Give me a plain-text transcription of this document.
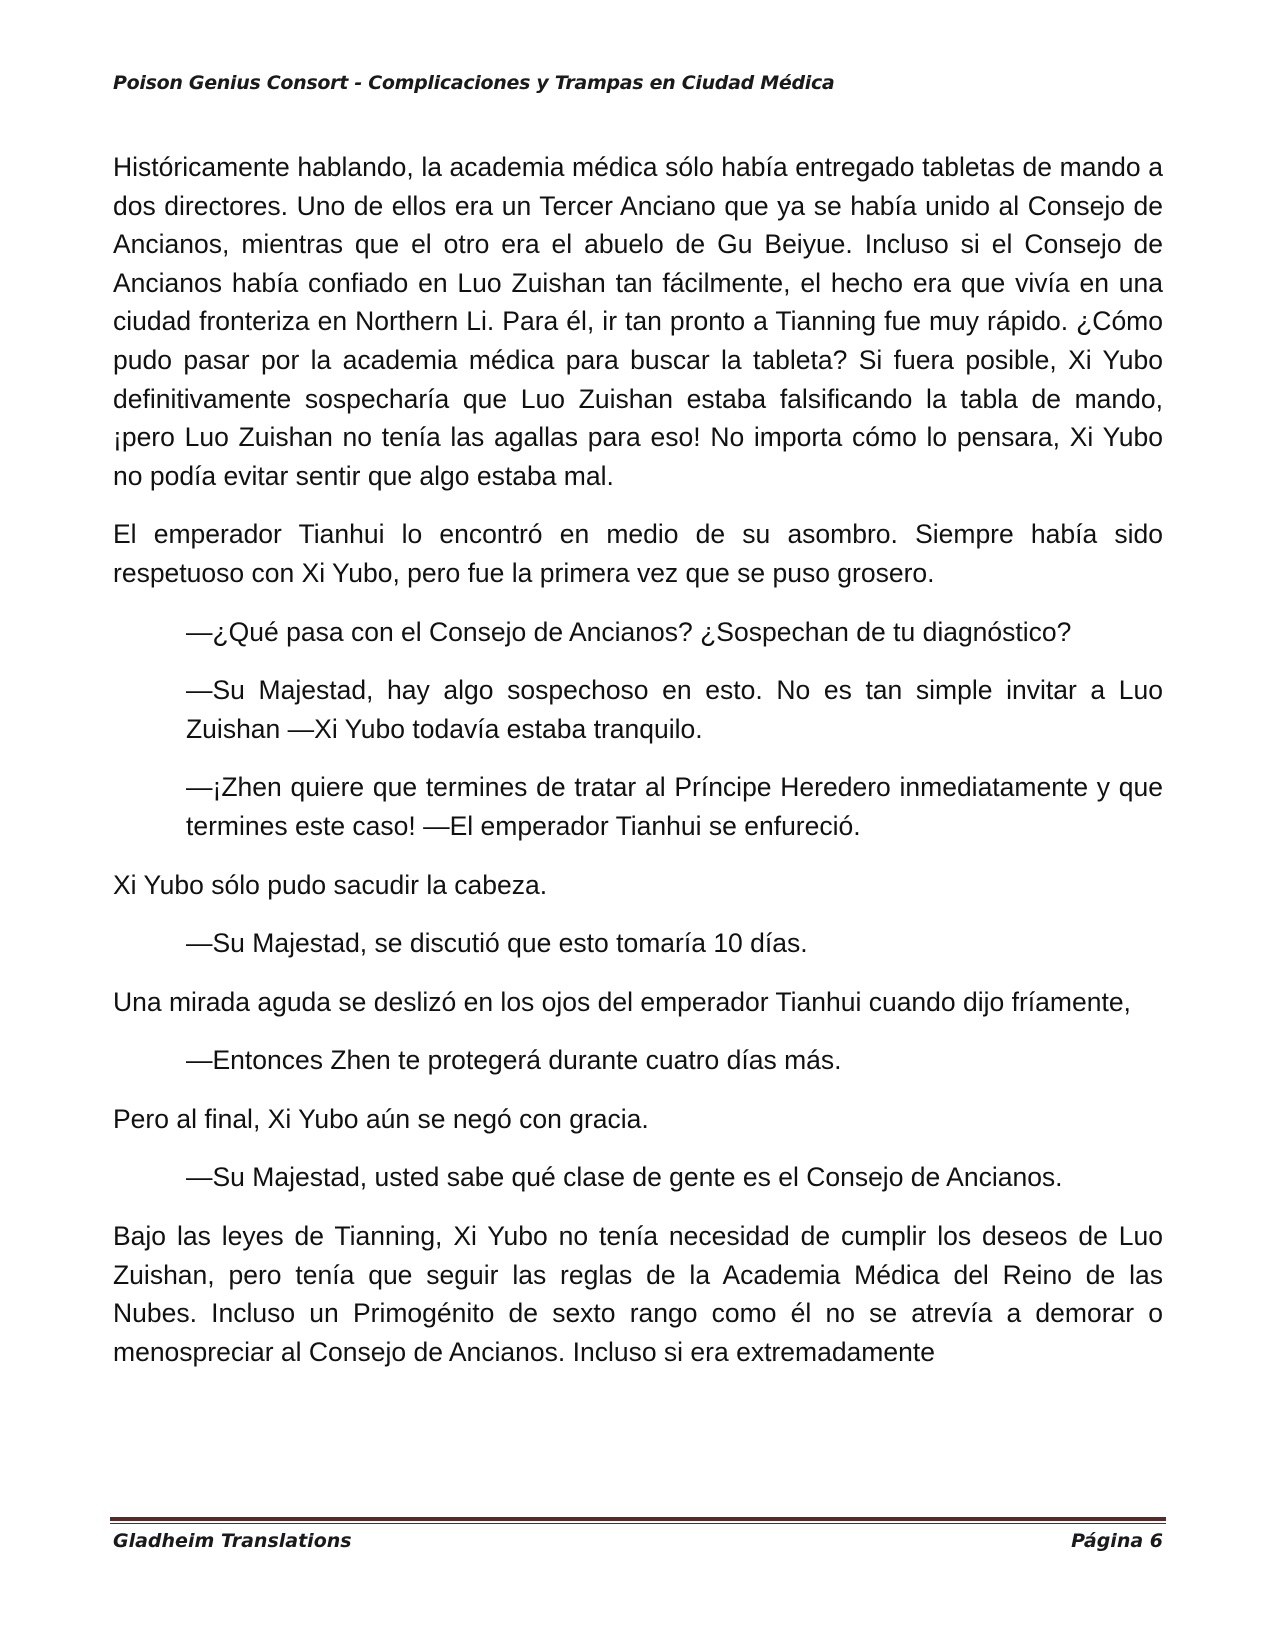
Poison Genius Consort - Complicaciones y Trampas en Ciudad Médica

Históricamente hablando, la academia médica sólo había entregado tabletas de mando a dos directores. Uno de ellos era un Tercer Anciano que ya se había unido al Consejo de Ancianos, mientras que el otro era el abuelo de Gu Beiyue. Incluso si el Consejo de Ancianos había confiado en Luo Zuishan tan fácilmente, el hecho era que vivía en una ciudad fronteriza en Northern Li. Para él, ir tan pronto a Tianning fue muy rápido. ¿Cómo pudo pasar por la academia médica para buscar la tableta? Si fuera posible, Xi Yubo definitivamente sospecharía que Luo Zuishan estaba falsificando la tabla de mando, ¡pero Luo Zuishan no tenía las agallas para eso! No importa cómo lo pensara, Xi Yubo no podía evitar sentir que algo estaba mal.

El emperador Tianhui lo encontró en medio de su asombro. Siempre había sido respetuoso con Xi Yubo, pero fue la primera vez que se puso grosero.

—¿Qué pasa con el Consejo de Ancianos? ¿Sospechan de tu diagnóstico?

—Su Majestad, hay algo sospechoso en esto. No es tan simple invitar a Luo Zuishan —Xi Yubo todavía estaba tranquilo.

—¡Zhen quiere que termines de tratar al Príncipe Heredero inmediatamente y que termines este caso! —El emperador Tianhui se enfureció.

Xi Yubo sólo pudo sacudir la cabeza.

—Su Majestad, se discutió que esto tomaría 10 días.

Una mirada aguda se deslizó en los ojos del emperador Tianhui cuando dijo fríamente,

—Entonces Zhen te protegerá durante cuatro días más.

Pero al final, Xi Yubo aún se negó con gracia.

—Su Majestad, usted sabe qué clase de gente es el Consejo de Ancianos.

Bajo las leyes de Tianning, Xi Yubo no tenía necesidad de cumplir los deseos de Luo Zuishan, pero tenía que seguir las reglas de la Academia Médica del Reino de las Nubes. Incluso un Primogénito de sexto rango como él no se atrevía a demorar o menospreciar al Consejo de Ancianos. Incluso si era extremadamente

Gladheim Translations	Página 6
